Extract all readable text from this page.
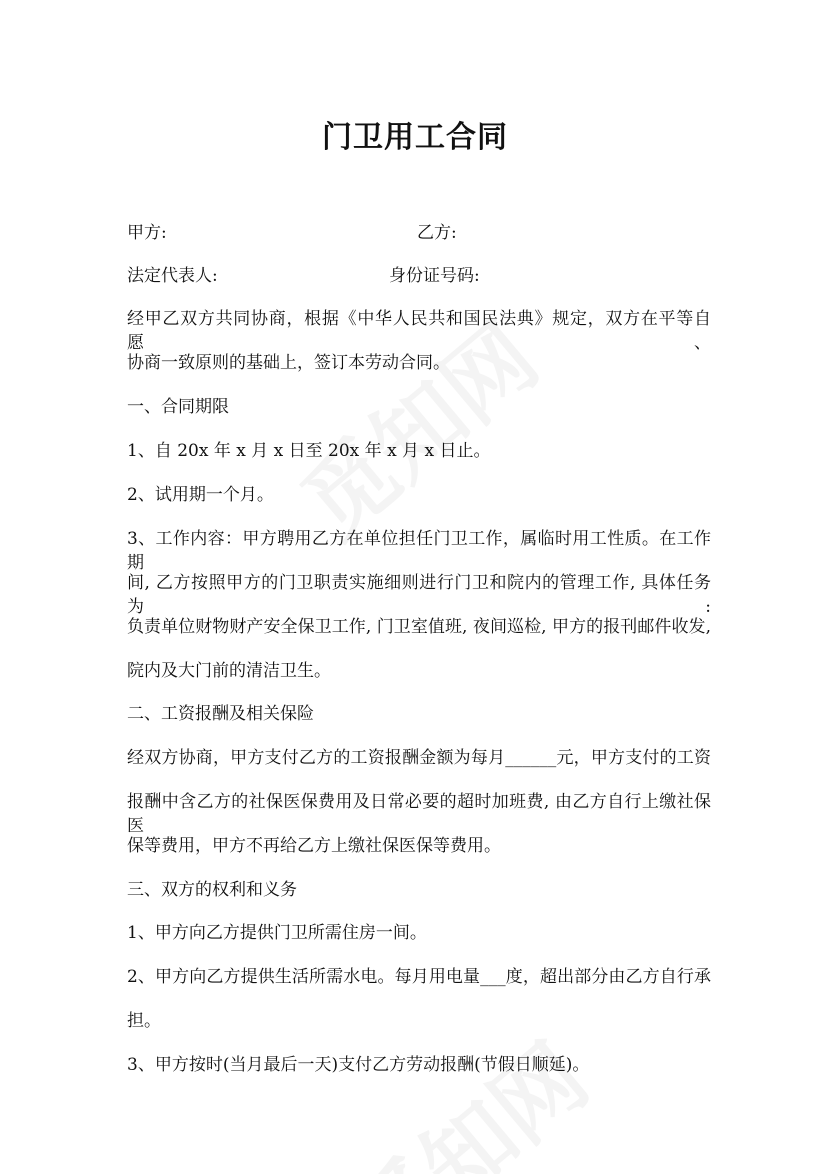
门卫用工合同
甲方:	乙方:
法定代表人:	身份证号码:
经甲乙双方共同协商，根据《中华人民共和国民法典》规定，双方在平等自愿、
协商一致原则的基础上，签订本劳动合同。
一、合同期限
1、自 20x 年 x 月 x 日至 20x 年 x 月 x 日止。
2、试用期一个月。
3、工作内容：甲方聘用乙方在单位担任门卫工作，属临时用工性质。在工作期
间, 乙方按照甲方的门卫职责实施细则进行门卫和院内的管理工作, 具体任务为:
负责单位财物财产安全保卫工作, 门卫室值班, 夜间巡检, 甲方的报刊邮件收发,
院内及大门前的清洁卫生。
二、工资报酬及相关保险
经双方协商，甲方支付乙方的工资报酬金额为每月______元，甲方支付的工资
报酬中含乙方的社保医保费用及日常必要的超时加班费, 由乙方自行上缴社保医
保等费用，甲方不再给乙方上缴社保医保等费用。
三、双方的权利和义务
1、甲方向乙方提供门卫所需住房一间。
2、甲方向乙方提供生活所需水电。每月用电量___度，超出部分由乙方自行承
担。
3、甲方按时(当月最后一天)支付乙方劳动报酬(节假日顺延)。
